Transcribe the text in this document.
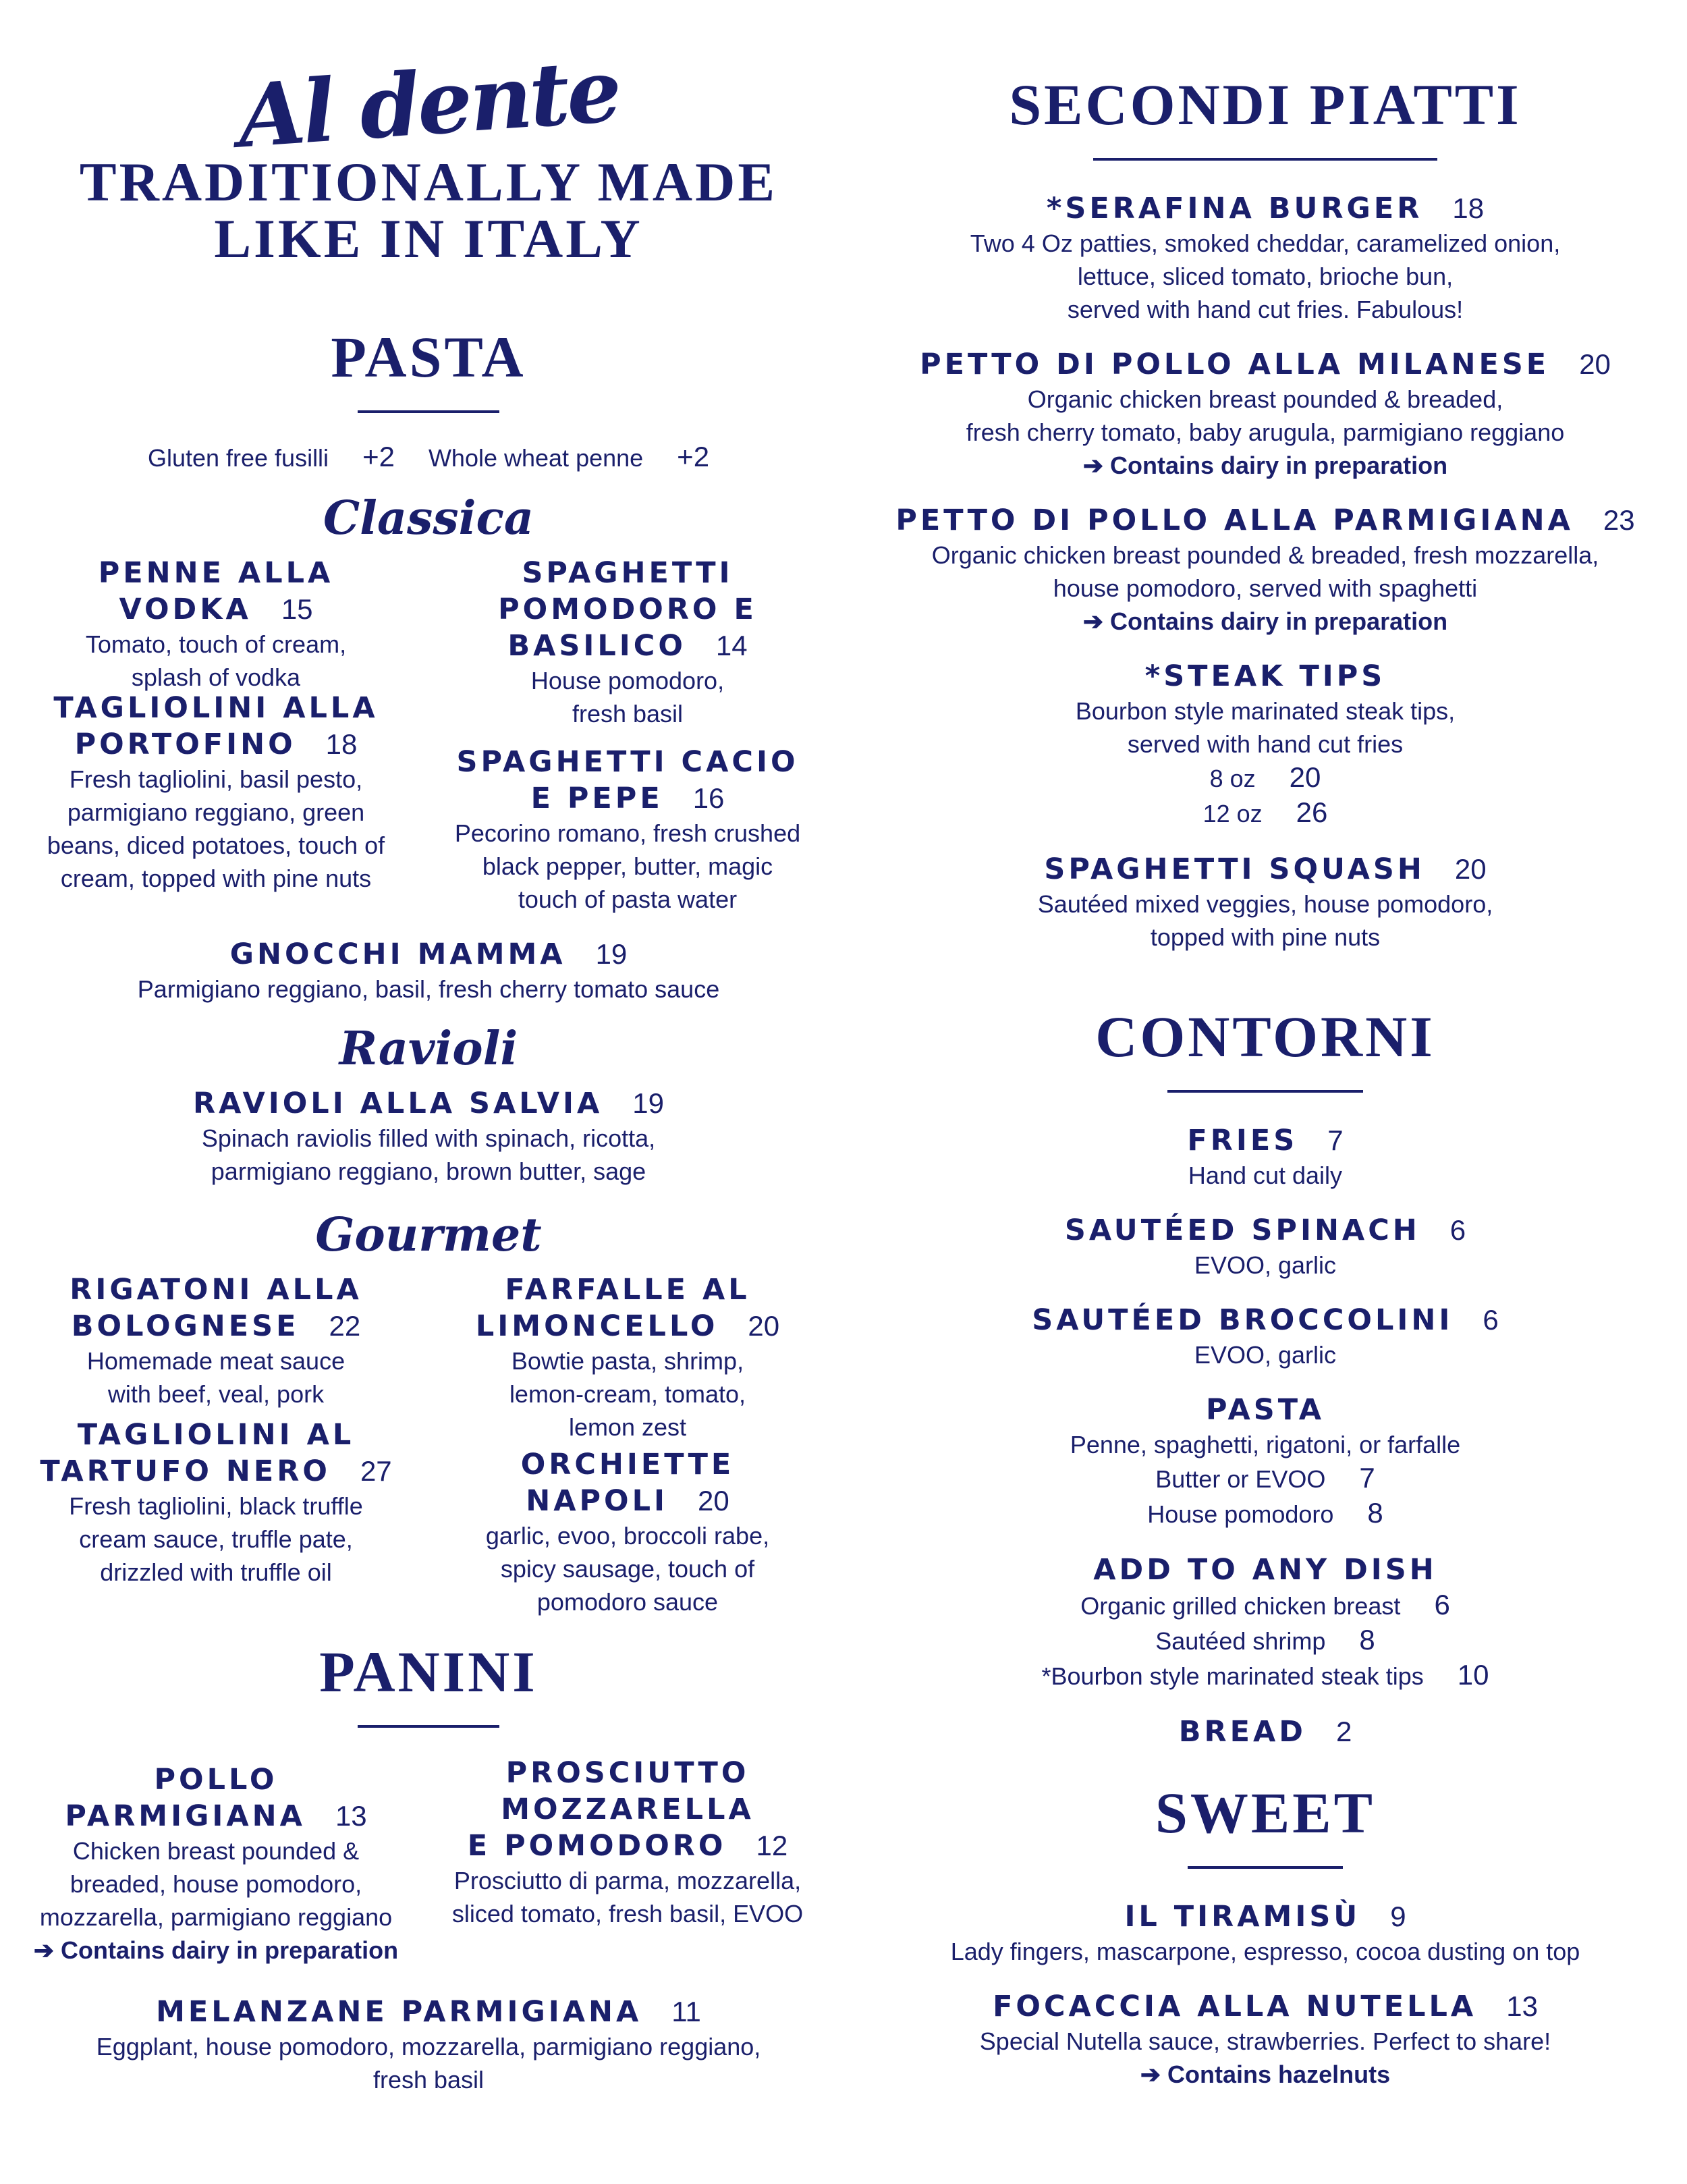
Al dente
TRADITIONALLY MADE
LIKE IN ITALY
PASTA
Gluten free fusilli +2 Whole wheat penne +2
Classica
PENNE ALLA
VODKA 15
Tomato, touch of cream,
splash of vodka
SPAGHETTI
POMODORO E
BASILICO 14
House pomodoro,
fresh basil
TAGLIOLINI ALLA
PORTOFINO 18
Fresh tagliolini, basil pesto,
parmigiano reggiano, green
beans, diced potatoes, touch of
cream, topped with pine nuts
SPAGHETTI CACIO
E PEPE 16
Pecorino romano, fresh crushed
black pepper, butter, magic
touch of pasta water
GNOCCHI MAMMA 19
Parmigiano reggiano, basil, fresh cherry tomato sauce
Ravioli
RAVIOLI ALLA SALVIA 19
Spinach raviolis filled with spinach, ricotta,
parmigiano reggiano, brown butter, sage
Gourmet
RIGATONI ALLA
BOLOGNESE 22
Homemade meat sauce
with beef, veal, pork
FARFALLE AL
LIMONCELLO 20
Bowtie pasta, shrimp,
lemon-cream, tomato,
lemon zest
TAGLIOLINI AL
TARTUFO NERO 27
Fresh tagliolini, black truffle
cream sauce, truffle pate,
drizzled with truffle oil
ORCHIETTE NAPOLI 20
garlic, evoo, broccoli rabe,
spicy sausage, touch of
pomodoro sauce
PANINI
POLLO PARMIGIANA 13
Chicken breast pounded &
breaded, house pomodoro,
mozzarella, parmigiano reggiano
➔ Contains dairy in preparation
PROSCIUTTO
MOZZARELLA
E POMODORO 12
Prosciutto di parma, mozzarella,
sliced tomato, fresh basil, EVOO
MELANZANE PARMIGIANA 11
Eggplant, house pomodoro, mozzarella, parmigiano reggiano,
fresh basil
SECONDI PIATTI
*SERAFINA BURGER 18
Two 4 Oz patties, smoked cheddar, caramelized onion,
lettuce, sliced tomato, brioche bun,
served with hand cut fries. Fabulous!
PETTO DI POLLO ALLA MILANESE 20
Organic chicken breast pounded & breaded,
fresh cherry tomato, baby arugula, parmigiano reggiano
➔ Contains dairy in preparation
PETTO DI POLLO ALLA PARMIGIANA 23
Organic chicken breast pounded & breaded, fresh mozzarella,
house pomodoro, served with spaghetti
➔ Contains dairy in preparation
*STEAK TIPS
Bourbon style marinated steak tips,
served with hand cut fries
8 oz 20
12 oz 26
SPAGHETTI SQUASH 20
Sautéed mixed veggies, house pomodoro,
topped with pine nuts
CONTORNI
FRIES 7
Hand cut daily
SAUTÉED SPINACH 6
EVOO, garlic
SAUTÉED BROCCOLINI 6
EVOO, garlic
PASTA
Penne, spaghetti, rigatoni, or farfalle
Butter or EVOO 7
House pomodoro 8
ADD TO ANY DISH
Organic grilled chicken breast 6
Sautéed shrimp 8
*Bourbon style marinated steak tips 10
BREAD 2
SWEET
IL TIRAMISÙ 9
Lady fingers, mascarpone, espresso, cocoa dusting on top
FOCACCIA ALLA NUTELLA 13
Special Nutella sauce, strawberries. Perfect to share!
➔ Contains hazelnuts
